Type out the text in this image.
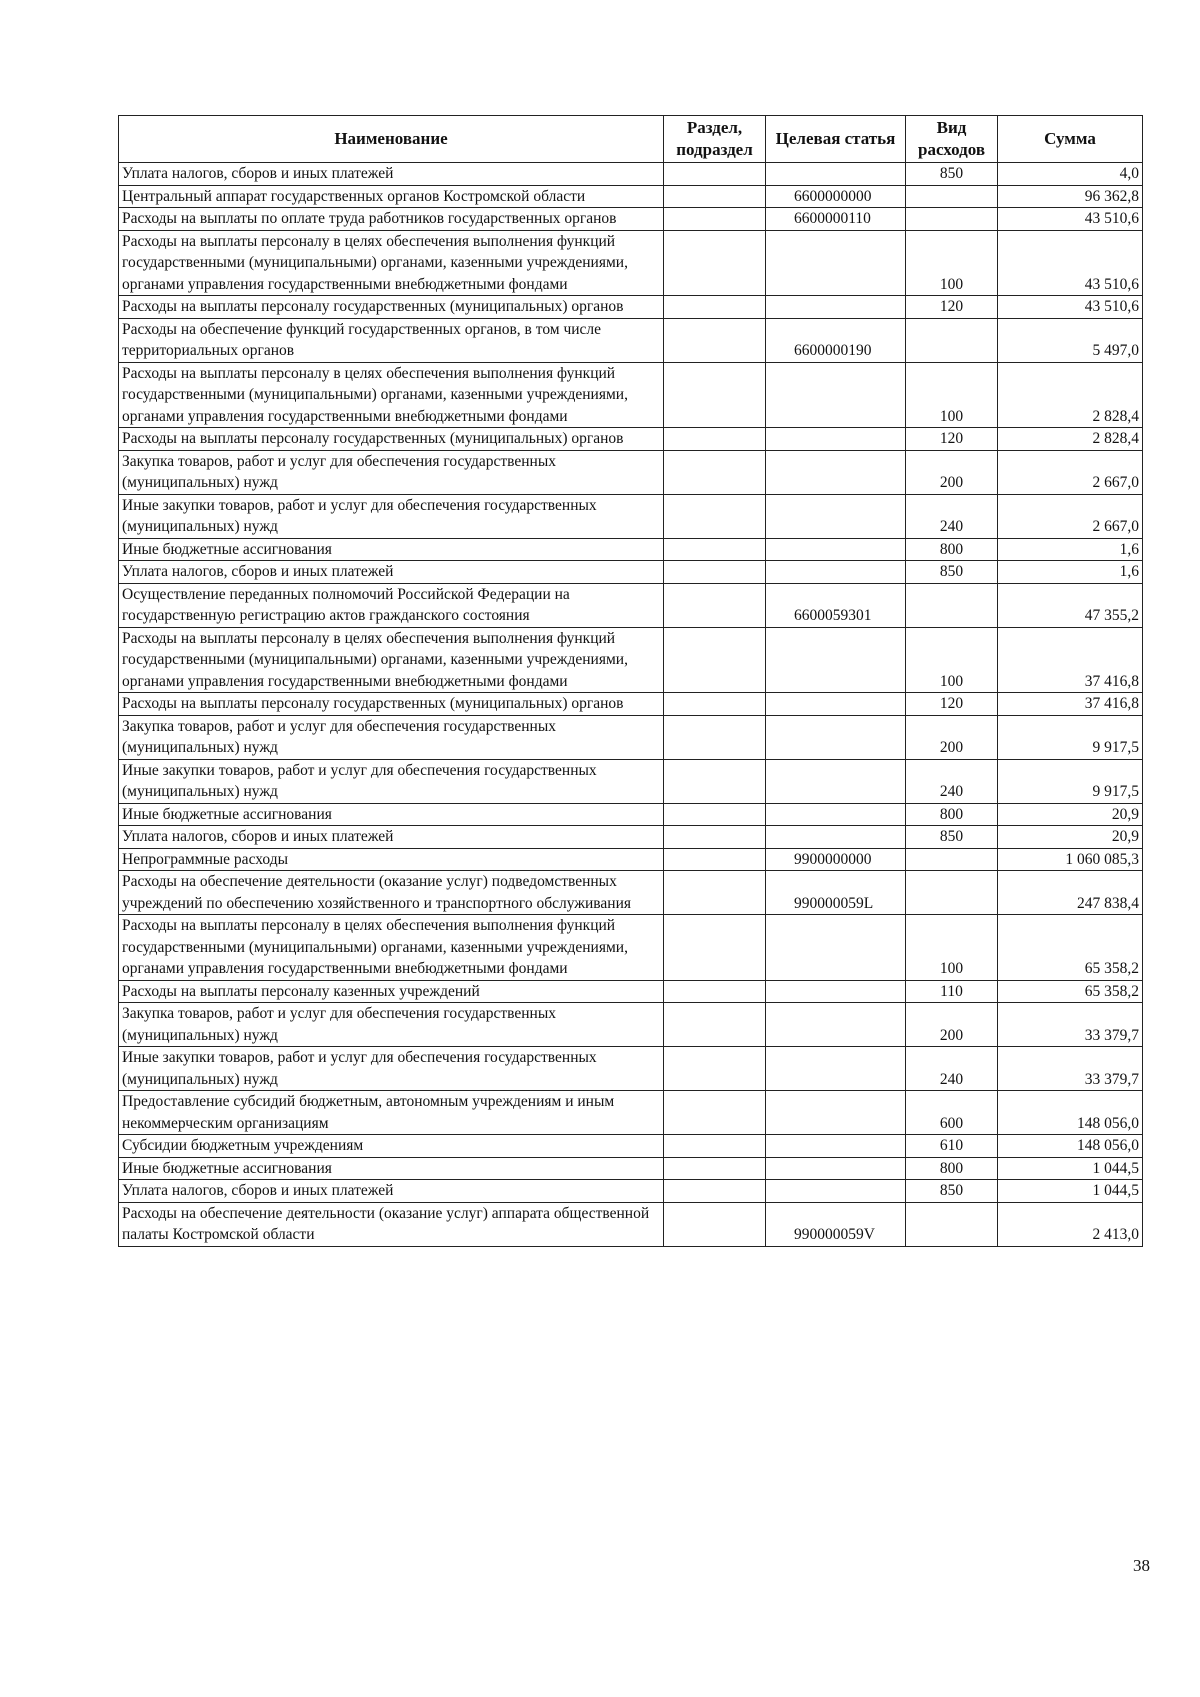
Наименование	Раздел, подраздел	Целевая статья	Вид расходов	Сумма
Уплата налогов, сборов и иных платежей			850	4,0
Центральный аппарат государственных органов Костромской области		6600000000		96 362,8
Расходы на выплаты по оплате труда работников государственных органов		6600000110		43 510,6
Расходы на выплаты персоналу в целях обеспечения выполнения функций государственными (муниципальными) органами, казенными учреждениями, органами управления государственными внебюджетными фондами			100	43 510,6
Расходы на выплаты персоналу государственных (муниципальных) органов			120	43 510,6
Расходы на обеспечение функций государственных органов, в том числе территориальных органов		6600000190		5 497,0
Расходы на выплаты персоналу в целях обеспечения выполнения функций государственными (муниципальными) органами, казенными учреждениями, органами управления государственными внебюджетными фондами			100	2 828,4
Расходы на выплаты персоналу государственных (муниципальных) органов			120	2 828,4
Закупка товаров, работ и услуг для обеспечения государственных (муниципальных) нужд			200	2 667,0
Иные закупки товаров, работ и услуг для обеспечения государственных (муниципальных) нужд			240	2 667,0
Иные бюджетные ассигнования			800	1,6
Уплата налогов, сборов и иных платежей			850	1,6
Осуществление переданных полномочий Российской Федерации на государственную регистрацию актов гражданского состояния		6600059301		47 355,2
Расходы на выплаты персоналу в целях обеспечения выполнения функций государственными (муниципальными) органами, казенными учреждениями, органами управления государственными внебюджетными фондами			100	37 416,8
Расходы на выплаты персоналу государственных (муниципальных) органов			120	37 416,8
Закупка товаров, работ и услуг для обеспечения государственных (муниципальных) нужд			200	9 917,5
Иные закупки товаров, работ и услуг для обеспечения государственных (муниципальных) нужд			240	9 917,5
Иные бюджетные ассигнования			800	20,9
Уплата налогов, сборов и иных платежей			850	20,9
Непрограммные расходы		9900000000		1 060 085,3
Расходы на обеспечение деятельности (оказание услуг) подведомственных учреждений по обеспечению хозяйственного и транспортного обслуживания		990000059L		247 838,4
Расходы на выплаты персоналу в целях обеспечения выполнения функций государственными (муниципальными) органами, казенными учреждениями, органами управления государственными внебюджетными фондами			100	65 358,2
Расходы на выплаты персоналу казенных учреждений			110	65 358,2
Закупка товаров, работ и услуг для обеспечения государственных (муниципальных) нужд			200	33 379,7
Иные закупки товаров, работ и услуг для обеспечения государственных (муниципальных) нужд			240	33 379,7
Предоставление субсидий бюджетным, автономным учреждениям и иным некоммерческим организациям			600	148 056,0
Субсидии бюджетным учреждениям			610	148 056,0
Иные бюджетные ассигнования			800	1 044,5
Уплата налогов, сборов и иных платежей			850	1 044,5
Расходы на обеспечение деятельности (оказание услуг) аппарата общественной палаты Костромской области		990000059V		2 413,0
38
